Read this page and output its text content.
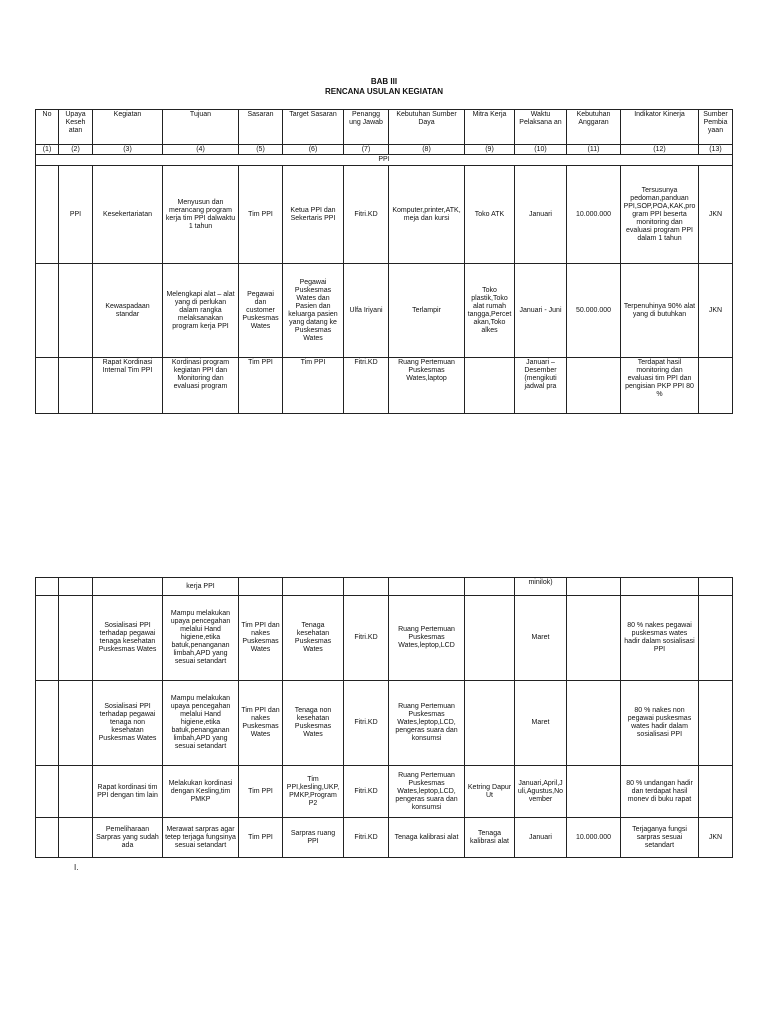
BAB III
RENCANA USULAN KEGIATAN
No	Upaya Keseh atan	Kegiatan	Tujuan	Sasaran	Target Sasaran	Penangg ung Jawab	Kebutuhan Sumber Daya	Mitra Kerja	Waktu Pelaksana an	Kebutuhan Anggaran	Indikator Kinerja	Sumber Pembia yaan
(1)	(2)	(3)	(4)	(5)	(6)	(7)	(8)	(9)	(10)	(11)	(12)	(13)
PPI												
	PPI	Kesekertariatan	Menyusun dan merancang program kerja tim PPI dalwaktu 1 tahun	Tim PPI	Ketua PPI dan Sekertaris PPI	Fitri.KD	Komputer,printer,ATK,meja dan kursi	Toko ATK	Januari	10.000.000	Tersusunya pedoman,panduan PPI,SOP,POA,KAK,program PPI beserta monitoring dan evaluasi program PPI dalam 1 tahun	JKN
		Kewaspadaan standar	Melengkapi alat – alat yang di perlukan dalam rangka melaksanakan program kerja PPI	Pegawai dan customer Puskesmas Wates	Pegawai Puskesmas Wates dan Pasien dan keluarga pasien yang datang ke Puskesmas Wates	Ulfa Iriyani	Terlampir	Toko plastik,Toko alat rumah tangga,Percetakan,Toko alkes	Januari - Juni	50.000.000	Terpenuhinya 90% alat yang di butuhkan	JKN
		Rapat Kordinasi Internal Tim PPI	Kordinasi program kegiatan PPI dan Monitoring dan evaluasi program	Tim PPI	Tim PPI	Fitri.KD	Ruang Pertemuan Puskesmas Wates,laptop		Januari – Desember (mengikuti jadwal pra		Terdapat hasil monitoring dan evaluasi tim PPI dan pengisian PKP PPI 80 %	
			kerja PPI						minilok)			
		Sosialisasi PPI terhadap pegawai tenaga kesehatan Puskesmas Wates	Mampu melakukan upaya pencegahan melalui Hand higiene,etika batuk,penanganan limbah,APD yang sesuai setandart	Tim PPI dan nakes Puskesmas Wates	Tenaga kesehatan Puskesmas Wates	Fitri.KD	Ruang Pertemuan Puskesmas Wates,leptop,LCD		Maret		80 % nakes pegawai puskesmas wates hadir dalam sosialisasi PPI	
		Sosialisasi PPI terhadap pegawai tenaga non kesehatan Puskesmas Wates	Mampu melakukan upaya pencegahan melalui Hand higiene,etika batuk,penanganan limbah,APD yang sesuai setandart	Tim PPI dan nakes Puskesmas Wates	Tenaga non kesehatan Puskesmas Wates	Fitri.KD	Ruang Pertemuan Puskesmas Wates,leptop,LCD, pengeras suara dan konsumsi		Maret		80 % nakes non pegawai puskesmas wates hadir dalam sosialisasi PPI	
		Rapat kordinasi tim PPI dengan tim lain	Melakukan kordinasi dengan Kesling,tim PMKP	Tim PPI	Tim PPI,kesling,UKP,PMKP,Program P2	Fitri.KD	Ruang Pertemuan Puskesmas Wates,leptop,LCD, pengeras suara dan konsumsi	Ketring Dapur Ut	Januari,April,Juli,Agustus,November		80 % undangan hadir dan terdapat hasil monev di buku rapat	
		Pemeliharaan Sarpras yang sudah ada	Merawat sarpras agar tetep terjaga fungsinya sesuai setandart	Tim PPI	Sarpras ruang PPI	Fitri.KD	Tenaga kalibrasi alat	Tenaga kalibrasi alat	Januari	10.000.000	Terjaganya fungsi sarpras sesuai setandart	JKN
I.
